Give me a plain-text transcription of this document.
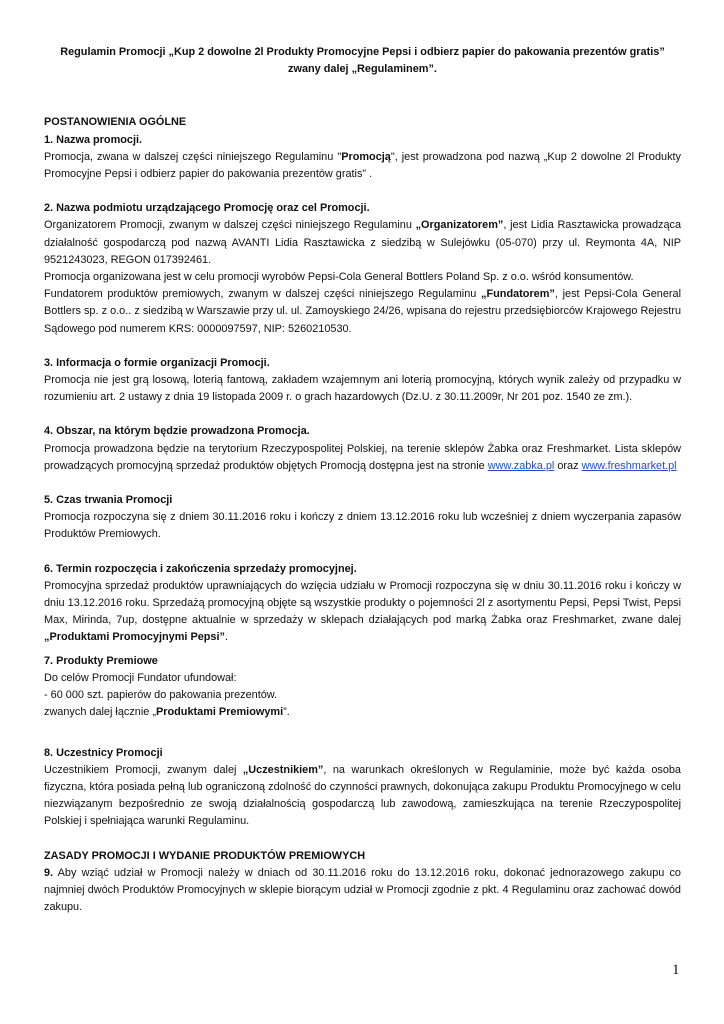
Regulamin Promocji „Kup 2 dowolne 2l Produkty Promocyjne Pepsi i odbierz papier do pakowania prezentów gratis”

zwany dalej „Regulaminem”.

POSTANOWIENIA OGÓLNE

1. Nazwa promocji.

Promocja, zwana w dalszej części niniejszego Regulaminu "Promocją", jest prowadzona pod nazwą „Kup 2 dowolne 2l Produkty Promocyjne Pepsi i odbierz papier do pakowania prezentów gratis” .

2. Nazwa podmiotu urządzającego Promocję oraz cel Promocji.

Organizatorem Promocji, zwanym w dalszej części niniejszego Regulaminu „Organizatorem”, jest Lidia Rasztawicka prowadząca działalność gospodarczą pod nazwą AVANTI Lidia Rasztawicka z siedzibą w Sulejówku (05-070) przy ul. Reymonta 4A, NIP 9521243023, REGON 017392461.

Promocja organizowana jest w celu promocji wyrobów Pepsi-Cola General Bottlers Poland Sp. z o.o. wśród konsumentów.

Fundatorem produktów premiowych, zwanym w dalszej części niniejszego Regulaminu „Fundatorem”, jest Pepsi-Cola General Bottlers sp. z o.o.. z siedzibą w Warszawie przy ul. ul. Zamoyskiego 24/26, wpisana do rejestru przedsiębiorców Krajowego Rejestru Sądowego pod numerem KRS: 0000097597, NIP: 5260210530.

3. Informacja o formie organizacji Promocji.

Promocja nie jest grą losową, loterią fantową, zakładem wzajemnym ani loterią promocyjną, których wynik zależy od przypadku w rozumieniu art. 2 ustawy z dnia 19 listopada 2009 r. o grach hazardowych (Dz.U. z 30.11.2009r, Nr 201 poz. 1540 ze zm.).

4. Obszar, na którym będzie prowadzona Promocja.

Promocja prowadzona będzie na terytorium Rzeczypospolitej Polskiej, na terenie sklepów Żabka oraz Freshmarket. Lista sklepów prowadzących promocyjną sprzedaż produktów objętych Promocją dostępna jest na stronie www.zabka.pl oraz www.freshmarket.pl

5. Czas trwania Promocji

Promocja rozpoczyna się z dniem 30.11.2016 roku i kończy z dniem 13.12.2016 roku lub wcześniej z dniem wyczerpania zapasów Produktów Premiowych.

6. Termin rozpoczęcia i zakończenia sprzedaży promocyjnej.

Promocyjna sprzedaż produktów uprawniających do wzięcia udziału w Promocji rozpoczyna się w dniu 30.11.2016 roku i kończy w dniu 13.12.2016 roku. Sprzedażą promocyjną objęte są wszystkie produkty o pojemności 2l z asortymentu Pepsi, Pepsi Twist, Pepsi Max, Mirinda, 7up, dostępne aktualnie w sprzedaży w sklepach działających pod marką Żabka oraz Freshmarket, zwane dalej „Produktami Promocyjnymi Pepsi”.

7. Produkty Premiowe

Do celów Promocji Fundator ufundował:

- 60 000 szt. papierów do pakowania prezentów.

zwanych dalej łącznie „Produktami Premiowymi”.

8. Uczestnicy Promocji

Uczestnikiem Promocji, zwanym dalej „Uczestnikiem”, na warunkach określonych w Regulaminie, może być każda osoba fizyczna, która posiada pełną lub ograniczoną zdolność do czynności prawnych, dokonująca zakupu Produktu Promocyjnego w celu niezwiązanym bezpośrednio ze swoją działalnością gospodarczą lub zawodową, zamieszkująca na terenie Rzeczypospolitej Polskiej i spełniająca warunki Regulaminu.

ZASADY PROMOCJI I WYDANIE PRODUKTÓW PREMIOWYCH

9. Aby wziąć udział w Promocji należy w dniach od 30.11.2016 roku do 13.12.2016 roku, dokonać jednorazowego zakupu co najmniej dwóch Produktów Promocyjnych w sklepie biorącym udział w Promocji zgodnie z pkt. 4 Regulaminu oraz zachować dowód zakupu.

1
